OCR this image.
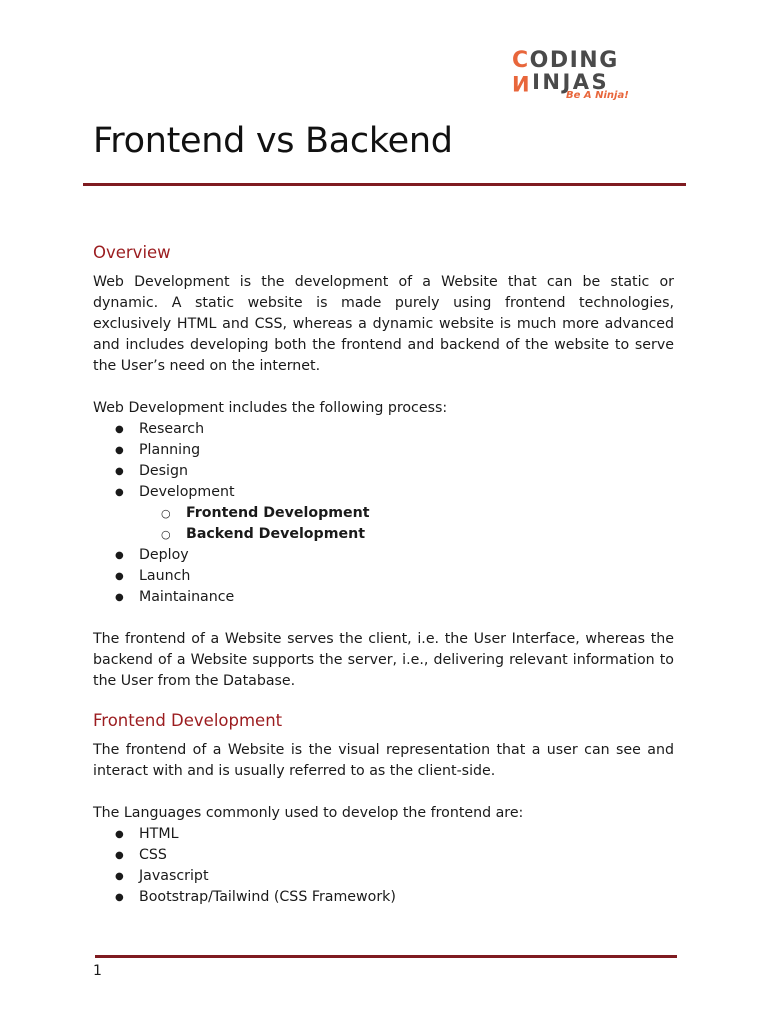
C ODING
N INJAS
Be A Ninja!
Frontend vs Backend
Overview

Web Development is the development of a Website that can be static or dynamic. A static website is made purely using frontend technologies, exclusively HTML and CSS, whereas a dynamic website is much more advanced and includes developing both the frontend and backend of the website to serve the User’s need on the internet.

Web Development includes the following process:

● Research
● Planning
● Design
● Development
○ Frontend Development
○ Backend Development
● Deploy
● Launch
● Maintainance

The frontend of a Website serves the client, i.e. the User Interface, whereas the backend of a Website supports the server, i.e., delivering relevant information to the User from the Database.

Frontend Development

The frontend of a Website is the visual representation that a user can see and interact with and is usually referred to as the client-side.

The Languages commonly used to develop the frontend are:

● HTML
● CSS
● Javascript
● Bootstrap/Tailwind (CSS Framework)
1
